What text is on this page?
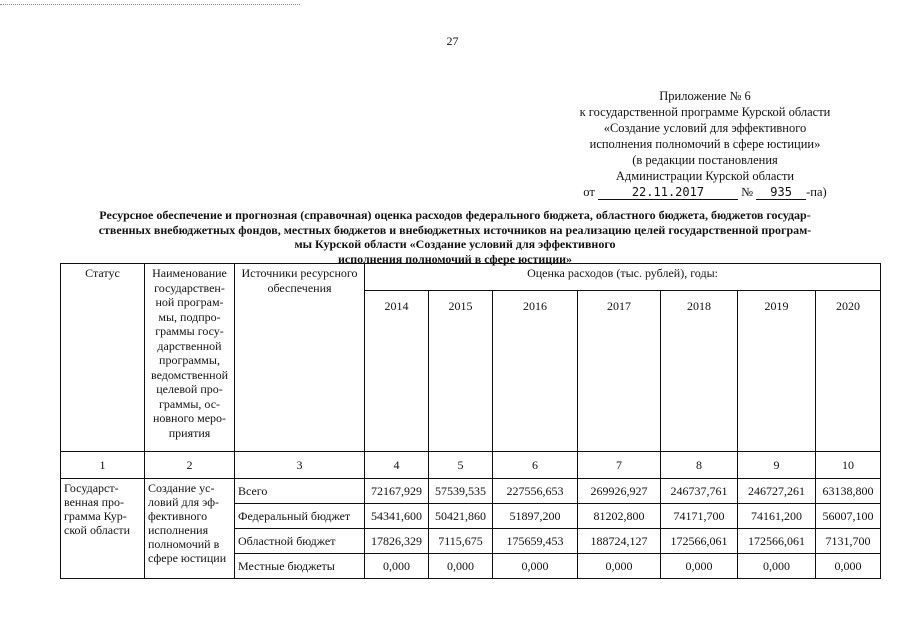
27
Приложение № 6
к государственной программе Курской области
«Создание условий для эффективного
исполнения полномочий в сфере юстиции»
(в редакции постановления
Администрации Курской области
от	22.11.2017	№ 935 -па)
Ресурсное обеспечение и прогнозная (справочная) оценка расходов федерального бюджета, областного бюджета, бюджетов государ-
ственных внебюджетных фондов, местных бюджетов и внебюджетных источников на реализацию целей государственной програм-
мы Курской области «Создание условий для эффективного
исполнения полномочий в сфере юстиции»
Статус	Наименование государствен-ной програм-мы, подпро-граммы госу-дарственной программы, ведомственной целевой про-граммы, ос-новного меро-приятия	Источники ресурсного обеспечения	Оценка расходов (тыс. рублей), годы:						
			2014	2015	2016	2017	2018	2019	2020
1	2	3	4	5	6	7	8	9	10
Государст-венная про-грамма Кур-ской области	Создание ус-ловий для эф-фективного исполнения полномочий в сфере юстиции	Всего	72167,929	57539,535	227556,653	269926,927	246737,761	246727,261	63138,800
		Федеральный бюджет	54341,600	50421,860	51897,200	81202,800	74171,700	74161,200	56007,100
		Областной бюджет	17826,329	7115,675	175659,453	188724,127	172566,061	172566,061	7131,700
		Местные бюджеты	0,000	0,000	0,000	0,000	0,000	0,000	0,000
